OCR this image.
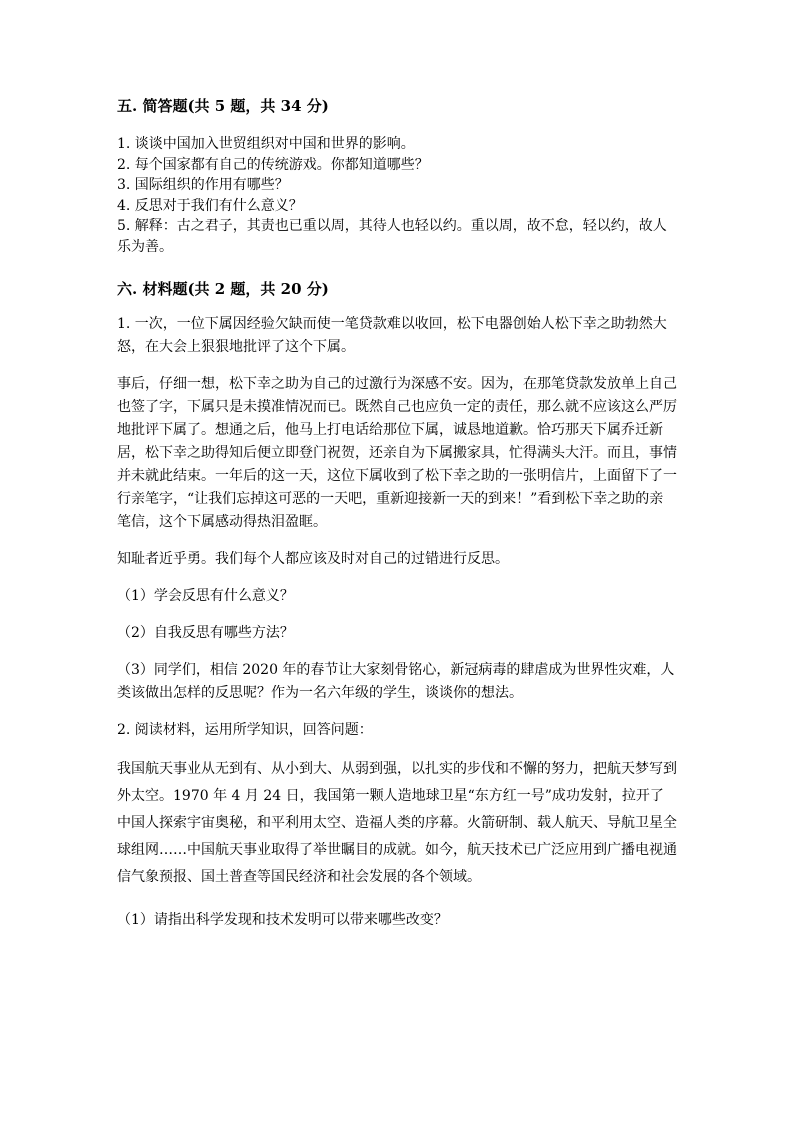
五. 简答题(共 5 题，共 34 分)

1. 谈谈中国加入世贸组织对中国和世界的影响。

2. 每个国家都有自己的传统游戏。你都知道哪些？

3. 国际组织的作用有哪些？

4. 反思对于我们有什么意义？

5. 解释：古之君子，其责也已重以周，其待人也轻以约。重以周，故不怠，轻以约，故人乐为善。

六. 材料题(共 2 题，共 20 分)

1. 一次，一位下属因经验欠缺而使一笔贷款难以收回，松下电器创始人松下幸之助勃然大怒，在大会上狠狠地批评了这个下属。

事后，仔细一想，松下幸之助为自己的过激行为深感不安。因为，在那笔贷款发放单上自己也签了字，下属只是未摸准情况而已。既然自己也应负一定的责任，那么就不应该这么严厉地批评下属了。想通之后，他马上打电话给那位下属，诚恳地道歉。恰巧那天下属乔迁新居，松下幸之助得知后便立即登门祝贺，还亲自为下属搬家具，忙得满头大汗。而且，事情并未就此结束。一年后的这一天，这位下属收到了松下幸之助的一张明信片，上面留下了一行亲笔字，“让我们忘掉这可恶的一天吧，重新迎接新一天的到来！”看到松下幸之助的亲笔信，这个下属感动得热泪盈眶。

知耻者近乎勇。我们每个人都应该及时对自己的过错进行反思。

（1）学会反思有什么意义？

（2）自我反思有哪些方法？

（3）同学们，相信 2020 年的春节让大家刻骨铭心，新冠病毒的肆虐成为世界性灾难，人类该做出怎样的反思呢？作为一名六年级的学生，谈谈你的想法。

2. 阅读材料，运用所学知识，回答问题：

我国航天事业从无到有、从小到大、从弱到强，以扎实的步伐和不懈的努力，把航天梦写到外太空。1970 年 4 月 24 日，我国第一颗人造地球卫星“东方红一号”成功发射，拉开了中国人探索宇宙奥秘，和平利用太空、造福人类的序幕。火箭研制、载人航天、导航卫星全球组网……中国航天事业取得了举世瞩目的成就。如今，航天技术已广泛应用到广播电视通信气象预报、国土普查等国民经济和社会发展的各个领域。

（1）请指出科学发现和技术发明可以带来哪些改变？
